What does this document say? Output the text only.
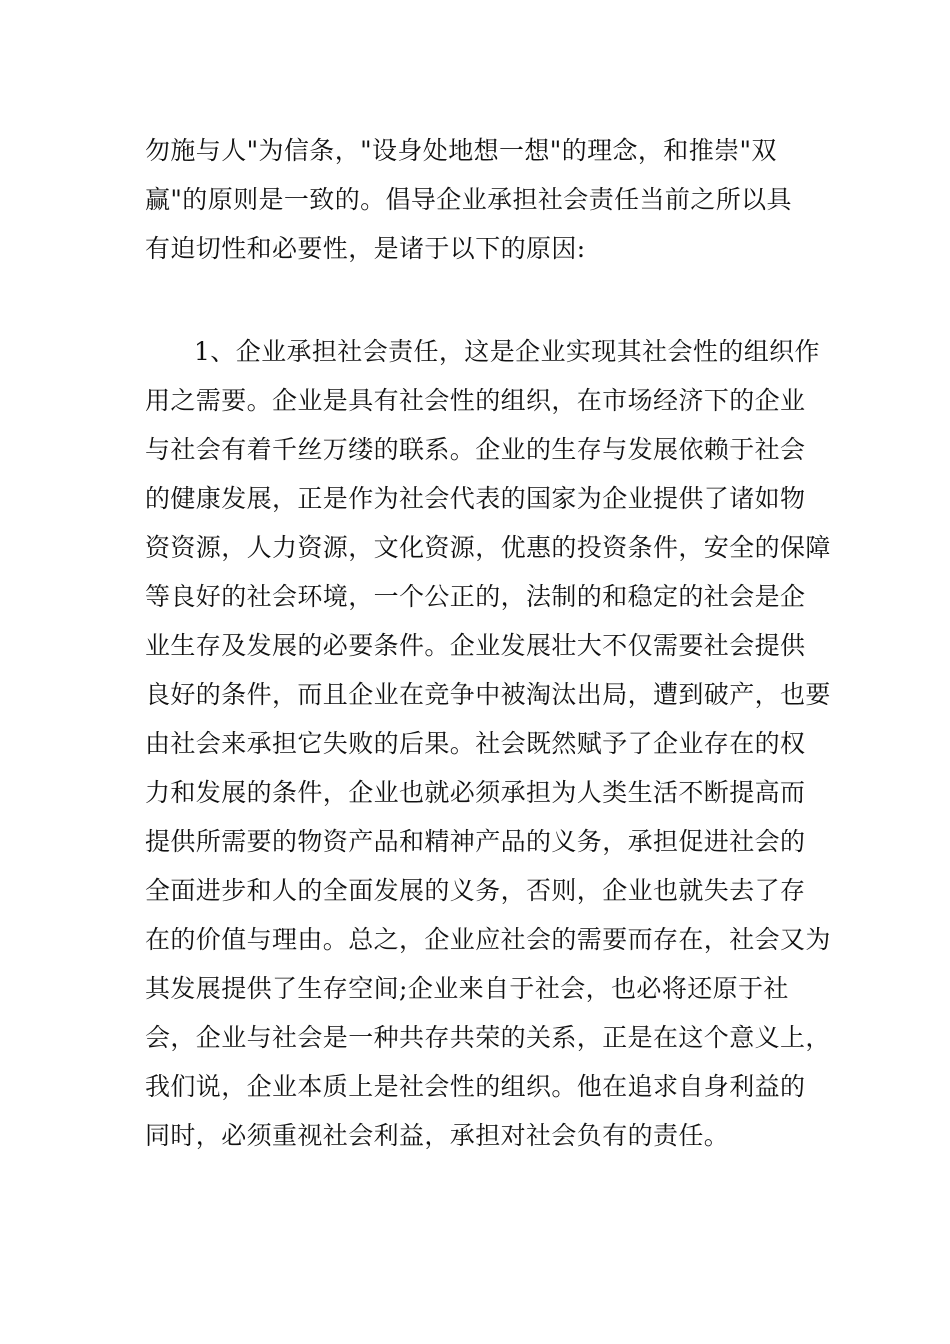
勿施与人"为信条，"设身处地想一想"的理念，和推崇"双
赢"的原则是一致的。倡导企业承担社会责任当前之所以具
有迫切性和必要性，是诸于以下的原因:
1、企业承担社会责任，这是企业实现其社会性的组织作
用之需要。企业是具有社会性的组织，在市场经济下的企业
与社会有着千丝万缕的联系。企业的生存与发展依赖于社会
的健康发展，正是作为社会代表的国家为企业提供了诸如物
资资源，人力资源，文化资源，优惠的投资条件，安全的保障
等良好的社会环境，一个公正的，法制的和稳定的社会是企
业生存及发展的必要条件。企业发展壮大不仅需要社会提供
良好的条件，而且企业在竞争中被淘汰出局，遭到破产，也要
由社会来承担它失败的后果。社会既然赋予了企业存在的权
力和发展的条件，企业也就必须承担为人类生活不断提高而
提供所需要的物资产品和精神产品的义务，承担促进社会的
全面进步和人的全面发展的义务，否则，企业也就失去了存
在的价值与理由。总之，企业应社会的需要而存在，社会又为
其发展提供了生存空间;企业来自于社会，也必将还原于社
会，企业与社会是一种共存共荣的关系，正是在这个意义上，
我们说，企业本质上是社会性的组织。他在追求自身利益的
同时，必须重视社会利益，承担对社会负有的责任。
